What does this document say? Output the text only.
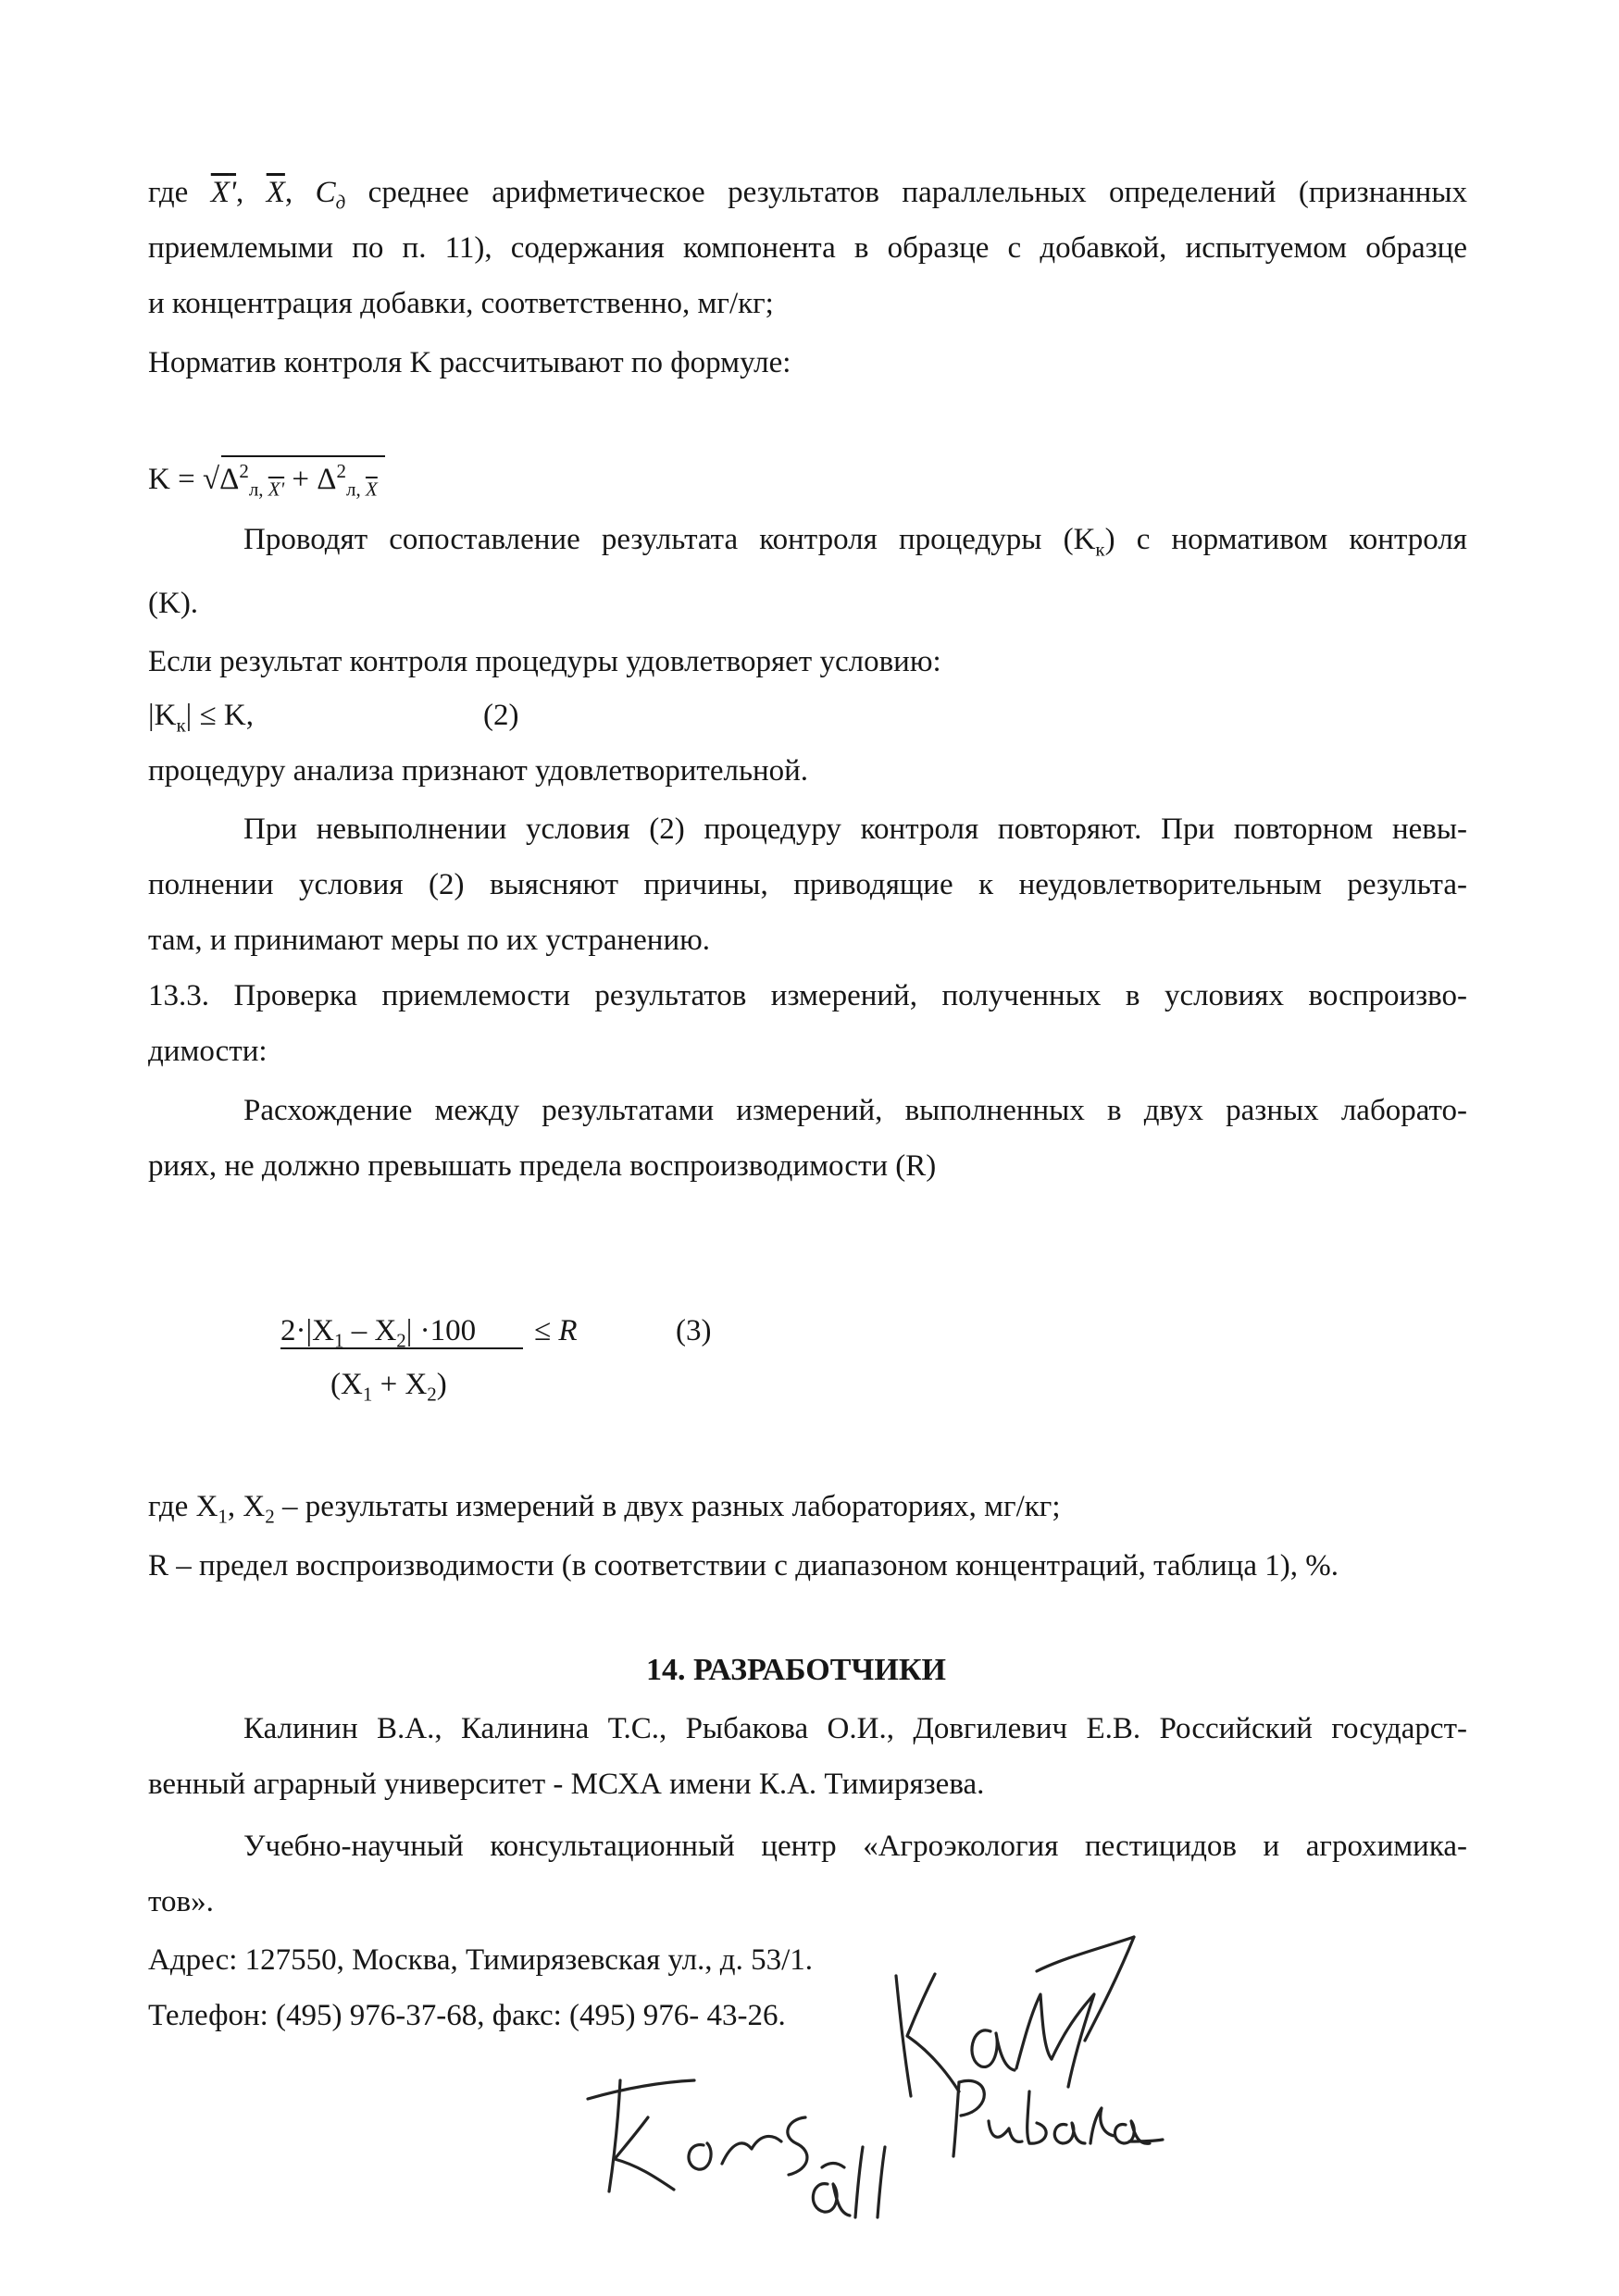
где X', $\overline{X}$, $C_д$ среднее арифметическое результатов параллельных определений (признанных
приемлемыми по п. 11), содержания компонента в образце с добавкой, испытуемом образце
и концентрация добавки, соответственно, мг/кг;
Норматив контроля K рассчитывают по формуле:
K =
$√\Delta^2_{л, X'} + \Delta^2_{л, \overline{X}}$
Проводят сопоставление результата контроля процедуры $(K_к)$ с нормативом контроля
(K).
Если результат контроля процедуры удовлетворяет условию:
$|K_к| \le K$,	(2)
процедуру анализа признают удовлетворительной.
При невыполнении условия (2) процедуру контроля повторяют. При повторном невы-
полнении условия (2) выясняют причины, приводящие к неудовлетворительным результа-
там, и принимают меры по их устранению.
13.3. Проверка приемлемости результатов измерений, полученных в условиях воспроизво-
димости:
Расхождение между результатами измерений, выполненных в двух разных лаборато-
риях, не должно превышать предела воспроизводимости (R)
$2\cdot|X_1 - X_2| \cdot 100 \le R$	(3)
$(X_1 + X_2)$
где $X_1$, $X_2$ – результаты измерений в двух разных лабораториях, мг/кг;
R – предел воспроизводимости (в соответствии с диапазоном концентраций, таблица 1), %.
14. РАЗРАБОТЧИКИ
Калинин В.А., Калинина Т.С., Рыбакова О.И., Довгилевич Е.В. Российский государст-
венный аграрный университет - МСХА имени К.А. Тимирязева.
Учебно-научный консультационный центр «Агроэкология пестицидов и агрохимика-
тов».
Адрес: 127550, Москва, Тимирязевская ул., д. 53/1.
Телефон: (495) 976-37-68, факс: (495) 976- 43-26.
